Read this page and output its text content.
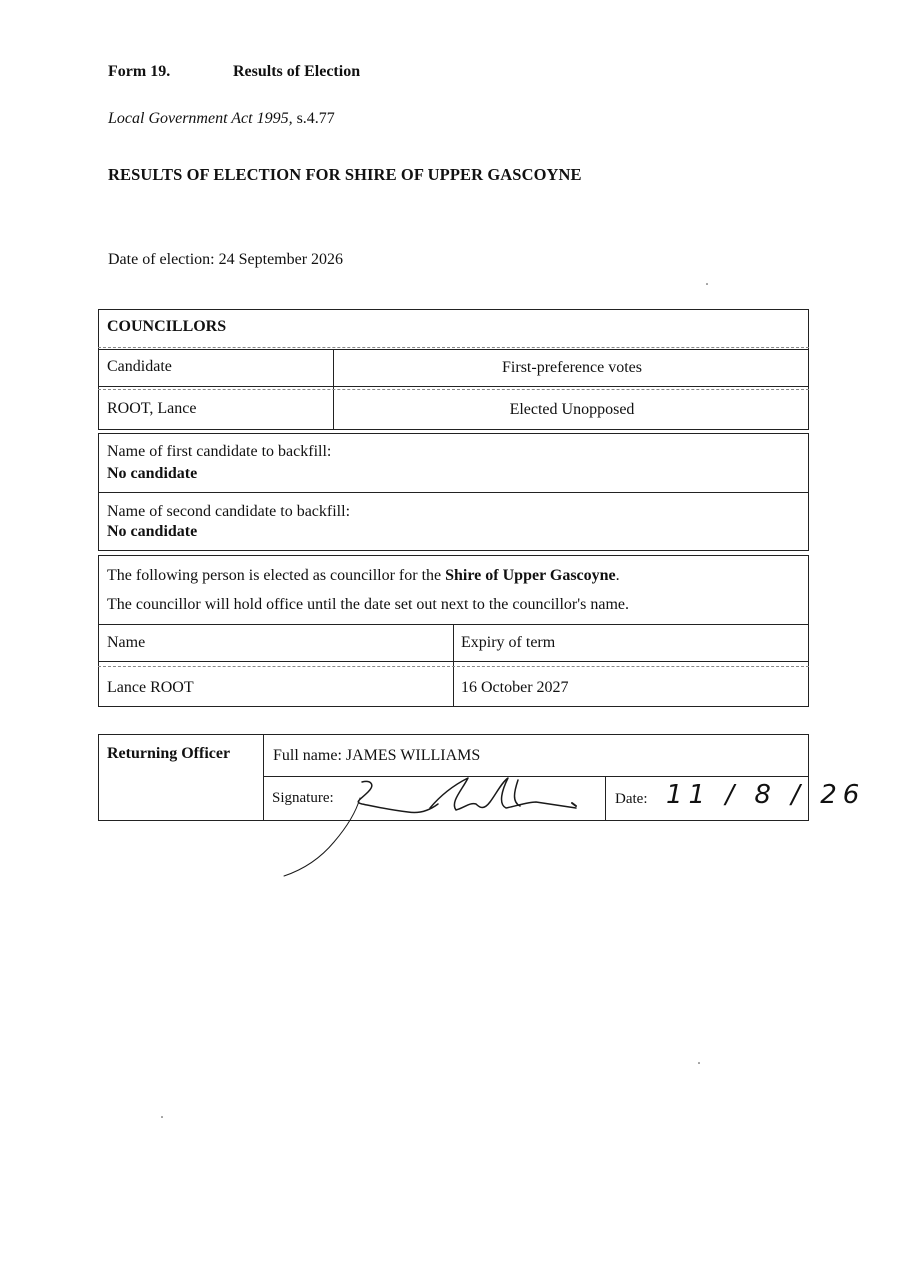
Form 19.	Results of Election
Local Government Act 1995, s.4.77
RESULTS OF ELECTION FOR SHIRE OF UPPER GASCOYNE
Date of election: 24 September 2026
COUNCILLORS
Candidate	First-preference votes
ROOT, Lance	Elected Unopposed
Name of first candidate to backfill:
No candidate
Name of second candidate to backfill:
No candidate
The following person is elected as councillor for the Shire of Upper Gascoyne.
The councillor will hold office until the date set out next to the councillor's name.
Name	Expiry of term
Lance ROOT	16 October 2027
Returning Officer	Full name: JAMES WILLIAMS
Signature:	Date: 11 / 8 / 26
